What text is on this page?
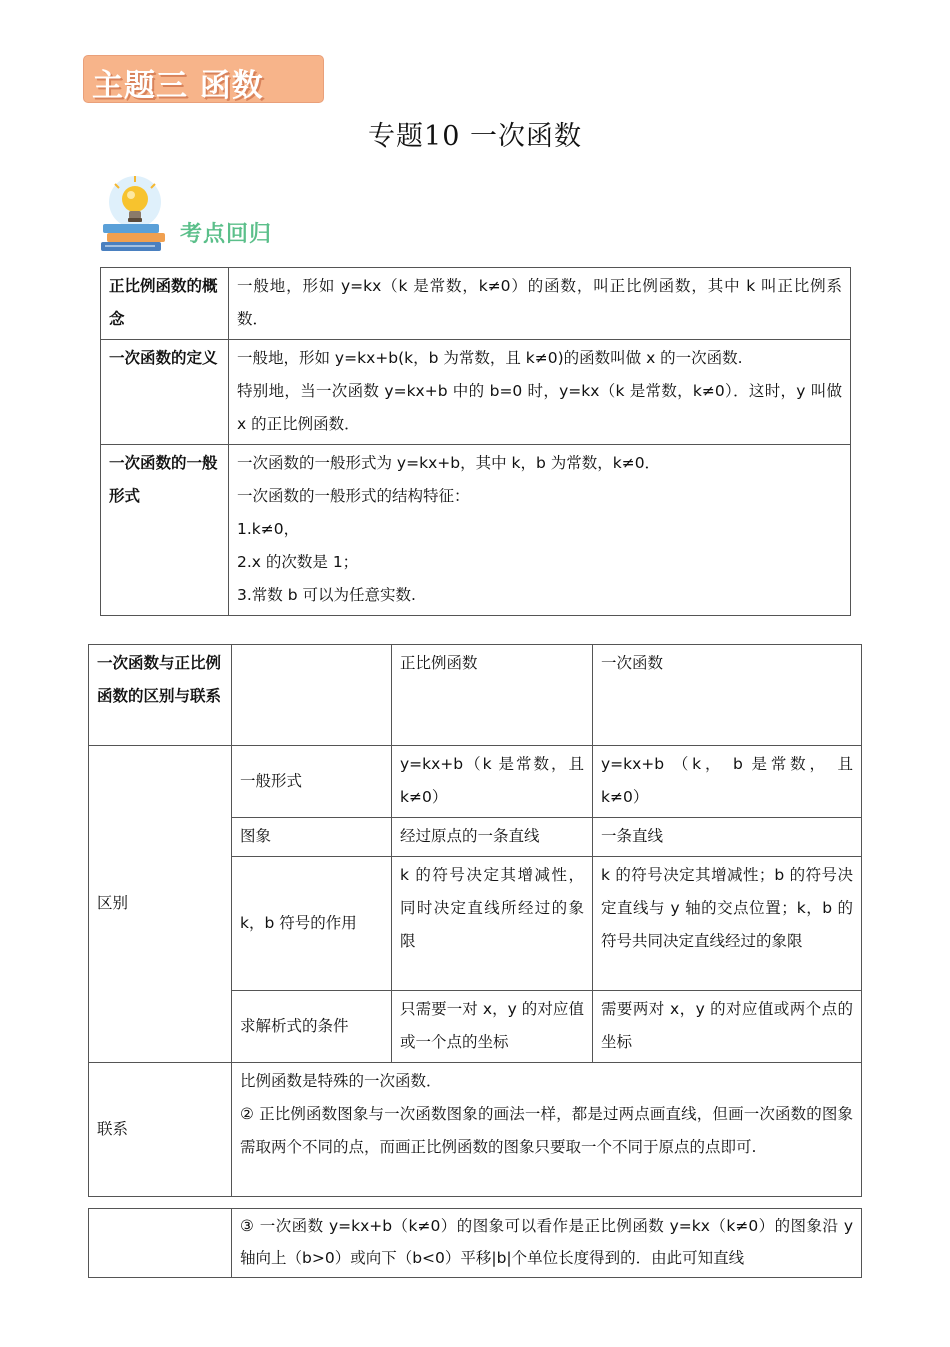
主题三 函数
专题10 一次函数
考点回归
正比例函数的概念	一般地，形如 y=kx（k 是常数，k≠0）的函数，叫正比例函数，其中 k 叫正比例系数．

一次函数的定义	一般地，形如 y=kx+b(k，b 为常数，且 k≠0)的函数叫做 x 的一次函数.
特别地，当一次函数 y=kx+b 中的 b=0 时，y=kx（k 是常数，k≠0）．这时，y 叫做 x 的正比例函数．

一次函数的一般形式	一次函数的一般形式为 y=kx+b，其中 k，b 为常数，k≠0．
一次函数的一般形式的结构特征：
1.k≠0，
2.x 的次数是 1；
3.常数 b 可以为任意实数.
一次函数与正比例函数的区别与联系		正比例函数	一次函数
区别	一般形式	y=kx+b（k 是常数，且 k≠0）	y=kx+b （k， b 是常数， 且 k≠0）
	图象	经过原点的一条直线	一条直线
	k，b 符号的作用	k 的符号决定其增减性，同时决定直线所经过的象限	k 的符号决定其增减性；b 的符号决定直线与 y 轴的交点位置；k，b 的符号共同决定直线经过的象限
	求解析式的条件	只需要一对 x，y 的对应值或一个点的坐标	需要两对 x，y 的对应值或两个点的坐标
联系	比例函数是特殊的一次函数．
② 正比例函数图象与一次函数图象的画法一样，都是过两点画直线，但画一次函数的图象需取两个不同的点，而画正比例函数的图象只要取一个不同于原点的点即可.		
	③ 一次函数 y=kx+b（k≠0）的图象可以看作是正比例函数 y=kx（k≠0）的图象沿 y 轴向上（b>0）或向下（b<0）平移|b|个单位长度得到的．由此可知直线
